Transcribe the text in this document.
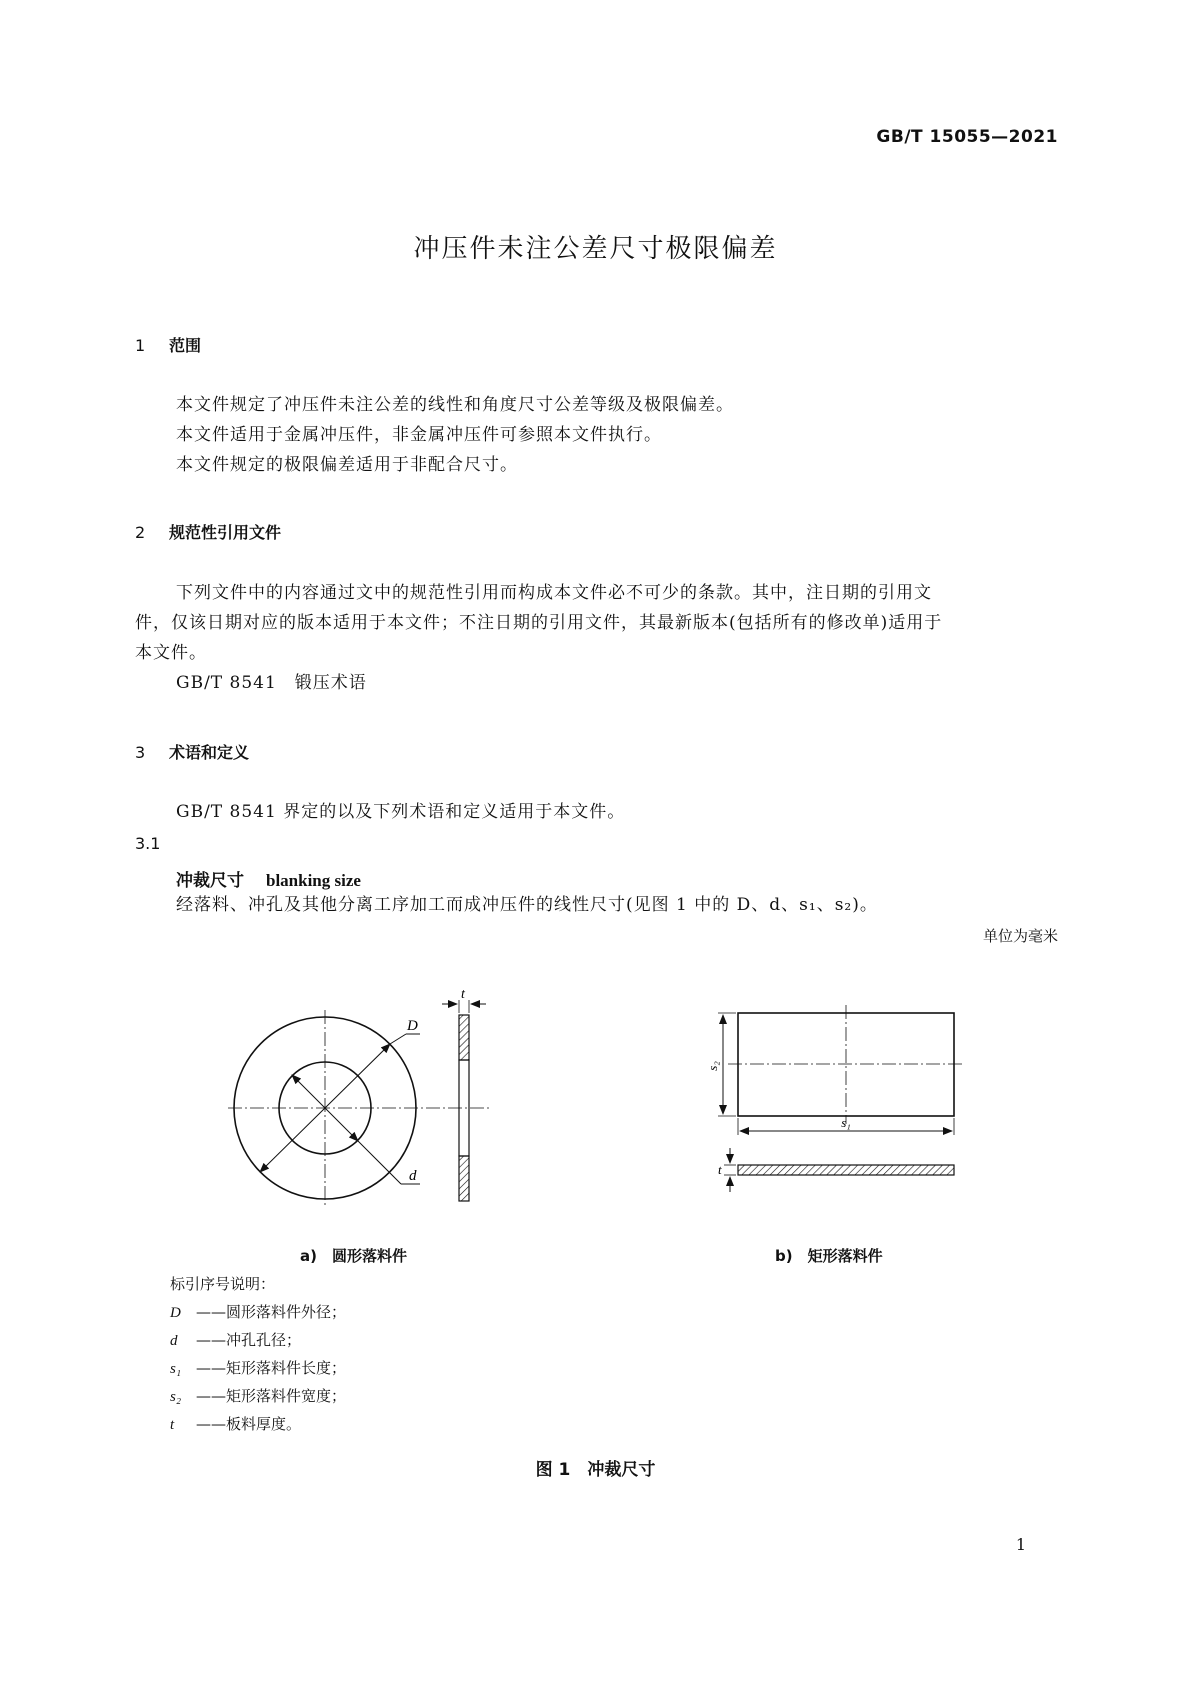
GB/T 15055—2021
冲压件未注公差尺寸极限偏差
1 范围
本文件规定了冲压件未注公差的线性和角度尺寸公差等级及极限偏差。
本文件适用于金属冲压件，非金属冲压件可参照本文件执行。
本文件规定的极限偏差适用于非配合尺寸。
2 规范性引用文件
下列文件中的内容通过文中的规范性引用而构成本文件必不可少的条款。其中，注日期的引用文
件，仅该日期对应的版本适用于本文件；不注日期的引用文件，其最新版本(包括所有的修改单)适用于
本文件。
GB/T 8541　锻压术语
3 术语和定义
GB/T 8541 界定的以及下列术语和定义适用于本文件。
3.1
冲裁尺寸 blanking size
经落料、冲孔及其他分离工序加工而成冲压件的线性尺寸(见图 1 中的 D、d、s₁、s₂)。
单位为毫米
D
d
t
s₂
s₁
t
a)　圆形落料件	b)　矩形落料件
标引序号说明：
D ——圆形落料件外径；
d ——冲孔孔径；
s₁ ——矩形落料件长度；
s₂ ——矩形落料件宽度；
t ——板料厚度。
图 1　冲裁尺寸
1
